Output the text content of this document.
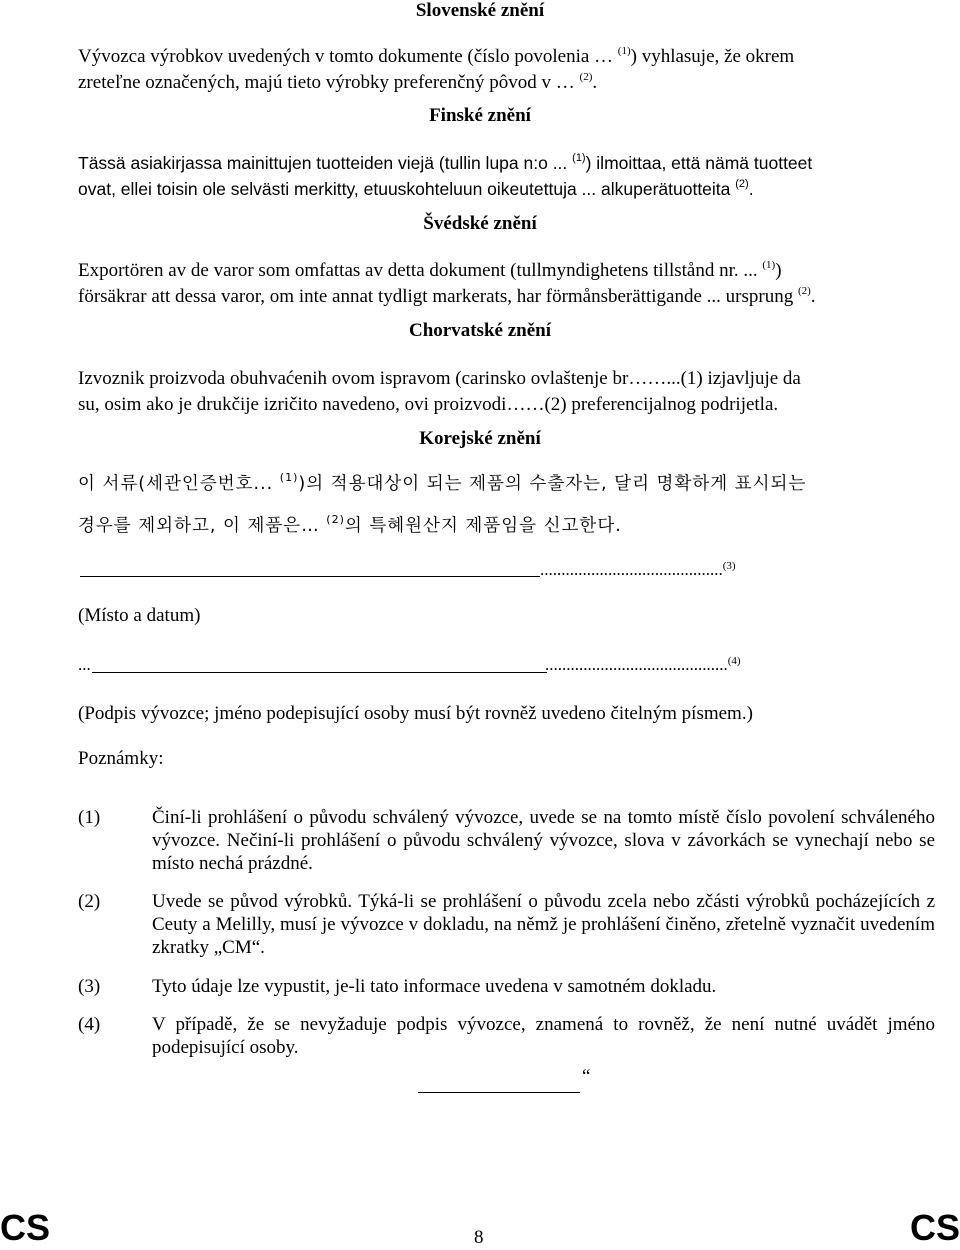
Slovenské znění
Vývozca výrobkov uvedených v tomto dokumente (číslo povolenia … $^{(1)}$) vyhlasuje, že okrem
zreteľne označených, majú tieto výrobky preferenčný pôvod v … $^{(2)}$.
Finské znění
Tässä asiakirjassa mainittujen tuotteiden viejä (tullin lupa n:o ... $^{(1)}$) ilmoittaa, että nämä tuotteet
ovat, ellei toisin ole selvästi merkitty, etuuskohteluun oikeutettuja ... alkuperätuotteita $^{(2)}$.
Švédské znění
Exportören av de varor som omfattas av detta dokument (tullmyndighetens tillstånd nr. ... $^{(1)}$)
försäkrar att dessa varor, om inte annat tydligt markerats, har förmånsberättigande ... ursprung $^{(2)}$.
Chorvatské znění
Izvoznik proizvoda obuhvaćenih ovom ispravom (carinsko ovlaštenje br……...(1) izjavljuje da
su, osim ako je drukčije izričito navedeno, ovi proizvodi……(2) preferencijalnog podrijetla.
Korejské znění
이 서류(세관인증번호... $^{(1)}$)의 적용대상이 되는 제품의 수출자는, 달리 명확하게 표시되는
경우를 제외하고, 이 제품은… $^{(2)}$의 특혜원산지 제품임을 신고한다.
...........................................$^{(3)}$
(Místo a datum)
...	...........................................$^{(4)}$
(Podpis vývozce; jméno podepisující osoby musí být rovněž uvedeno čitelným písmem.)
Poznámky:
(1)	Činí-li prohlášení o původu schválený vývozce, uvede se na tomto místě číslo povolení schváleného vývozce. Nečiní-li prohlášení o původu schválený vývozce, slova v závorkách se vynechají nebo se místo nechá prázdné.
(2)	Uvede se původ výrobků. Týká-li se prohlášení o původu zcela nebo zčásti výrobků pocházejících z Ceuty a Melilly, musí je vývozce v dokladu, na němž je prohlášení činěno, zřetelně vyznačit uvedením zkratky „CM“.
(3)	Tyto údaje lze vypustit, je-li tato informace uvedena v samotném dokladu.
(4)	V případě, že se nevyžaduje podpis vývozce, znamená to rovněž, že není nutné uvádět jméno podepisující osoby.
“
CS	8	CS
